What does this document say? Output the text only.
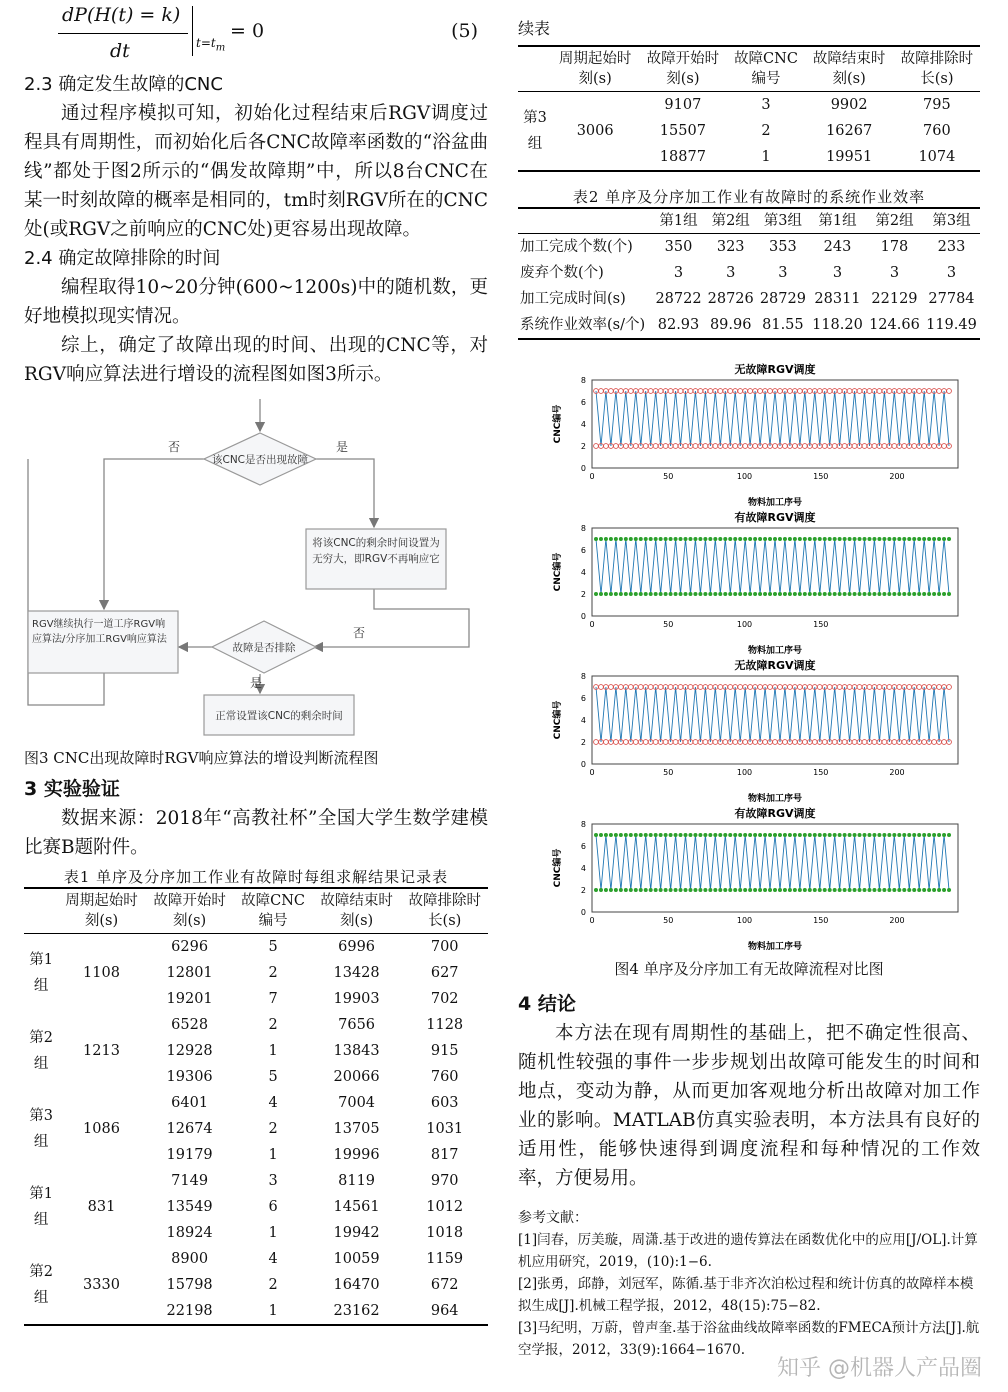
dP(H(t) = k)
dt	$t=t_m$
= 0	(5)

2.3 确定发生故障的CNC

通过程序模拟可知，初始化过程结束后RGV调度过程具有周期性，而初始化后各CNC故障率函数的“浴盆曲线”都处于图2所示的“偶发故障期”中，所以8台CNC在某一时刻故障的概率是相同的，tm时刻RGV所在的CNC处(或RGV之前响应的CNC处)更容易出现故障。

2.4 确定故障排除的时间

编程取得10~20分钟(600~1200s)中的随机数，更好地模拟现实情况。

综上，确定了故障出现的时间、出现的CNC等，对RGV响应算法进行增设的流程图如图3所示。

该CNC是否出现故障
否	是
将该CNC的剩余时间设置为无穷大，即RGV不再响应它
RGV继续执行一道工序RGV响应算法/分序加工RGV响应算法
故障是否排除
否
是
正常设置该CNC的剩余时间

图3 CNC出现故障时RGV响应算法的增设判断流程图

3 实验验证

数据来源：2018年“高教社杯”全国大学生数学建模比赛B题附件。

表1 单序及分序加工作业有故障时每组求解结果记录表

	周期起始时刻(s)	故障开始时刻(s)	故障CNC编号	故障结束时刻(s)	故障排除时长(s)
第1组	1108	6296	5	6996	700
		12801	2	13428	627
		19201	7	19903	702
第2组	1213	6528	2	7656	1128
		12928	1	13843	915
		19306	5	20066	760
第3组	1086	6401	4	7004	603
		12674	2	13705	1031
		19179	1	19996	817
第1组	831	7149	3	8119	970
		13549	6	14561	1012
		18924	1	19942	1018
第2组	3330	8900	4	10059	1159
		15798	2	16470	672
		22198	1	23162	964

续表

	周期起始时刻(s)	故障开始时刻(s)	故障CNC编号	故障结束时刻(s)	故障排除时长(s)
第3组	3006	9107	3	9902	795
		15507	2	16267	760
		18877	1	19951	1074

表2 单序及分序加工作业有故障时的系统作业效率

	第1组	第2组	第3组	第1组	第2组	第3组
加工完成个数(个)	350	323	353	243	178	233
废弃个数(个)	3	3	3	3	3	3
加工完成时间(s)	28722	28726	28729	28311	22129	27784
系统作业效率(s/个)	82.93	89.96	81.55	118.20	124.66	119.49
无故障RGV调度
0
2
4
6
8
0	50	100	150	200
物料加工序号
CNC编号
有故障RGV调度
0
2
4
6
8
0	50	100	150
物料加工序号
CNC编号
无故障RGV调度
0
2
4
6
8
0	50	100	150	200
物料加工序号
CNC编号
有故障RGV调度
0
2
4
6
8
0	50	100	150	200
物料加工序号
CNC编号

图4 单序及分序加工有无故障流程对比图

4 结论

本方法在现有周期性的基础上，把不确定性很高、随机性较强的事件一步步规划出故障可能发生的时间和地点，变动为静，从而更加客观地分析出故障对加工作业的影响。MATLAB仿真实验表明，本方法具有良好的适用性，能够快速得到调度流程和每种情况的工作效率，方便易用。

参考文献：

[1]闫春，厉美璇，周潇.基于改进的遗传算法在函数优化中的应用[J/OL].计算机应用研究，2019，(10):1−6.

[2]张勇，邱静，刘冠军，陈循.基于非齐次泊松过程和统计仿真的故障样本模拟生成[J].机械工程学报，2012，48(15):75−82.

[3]马纪明，万蔚，曾声奎.基于浴盆曲线故障率函数的FMECA预计方法[J].航空学报，2012，33(9):1664−1670.

知乎 @机器人产品圈
